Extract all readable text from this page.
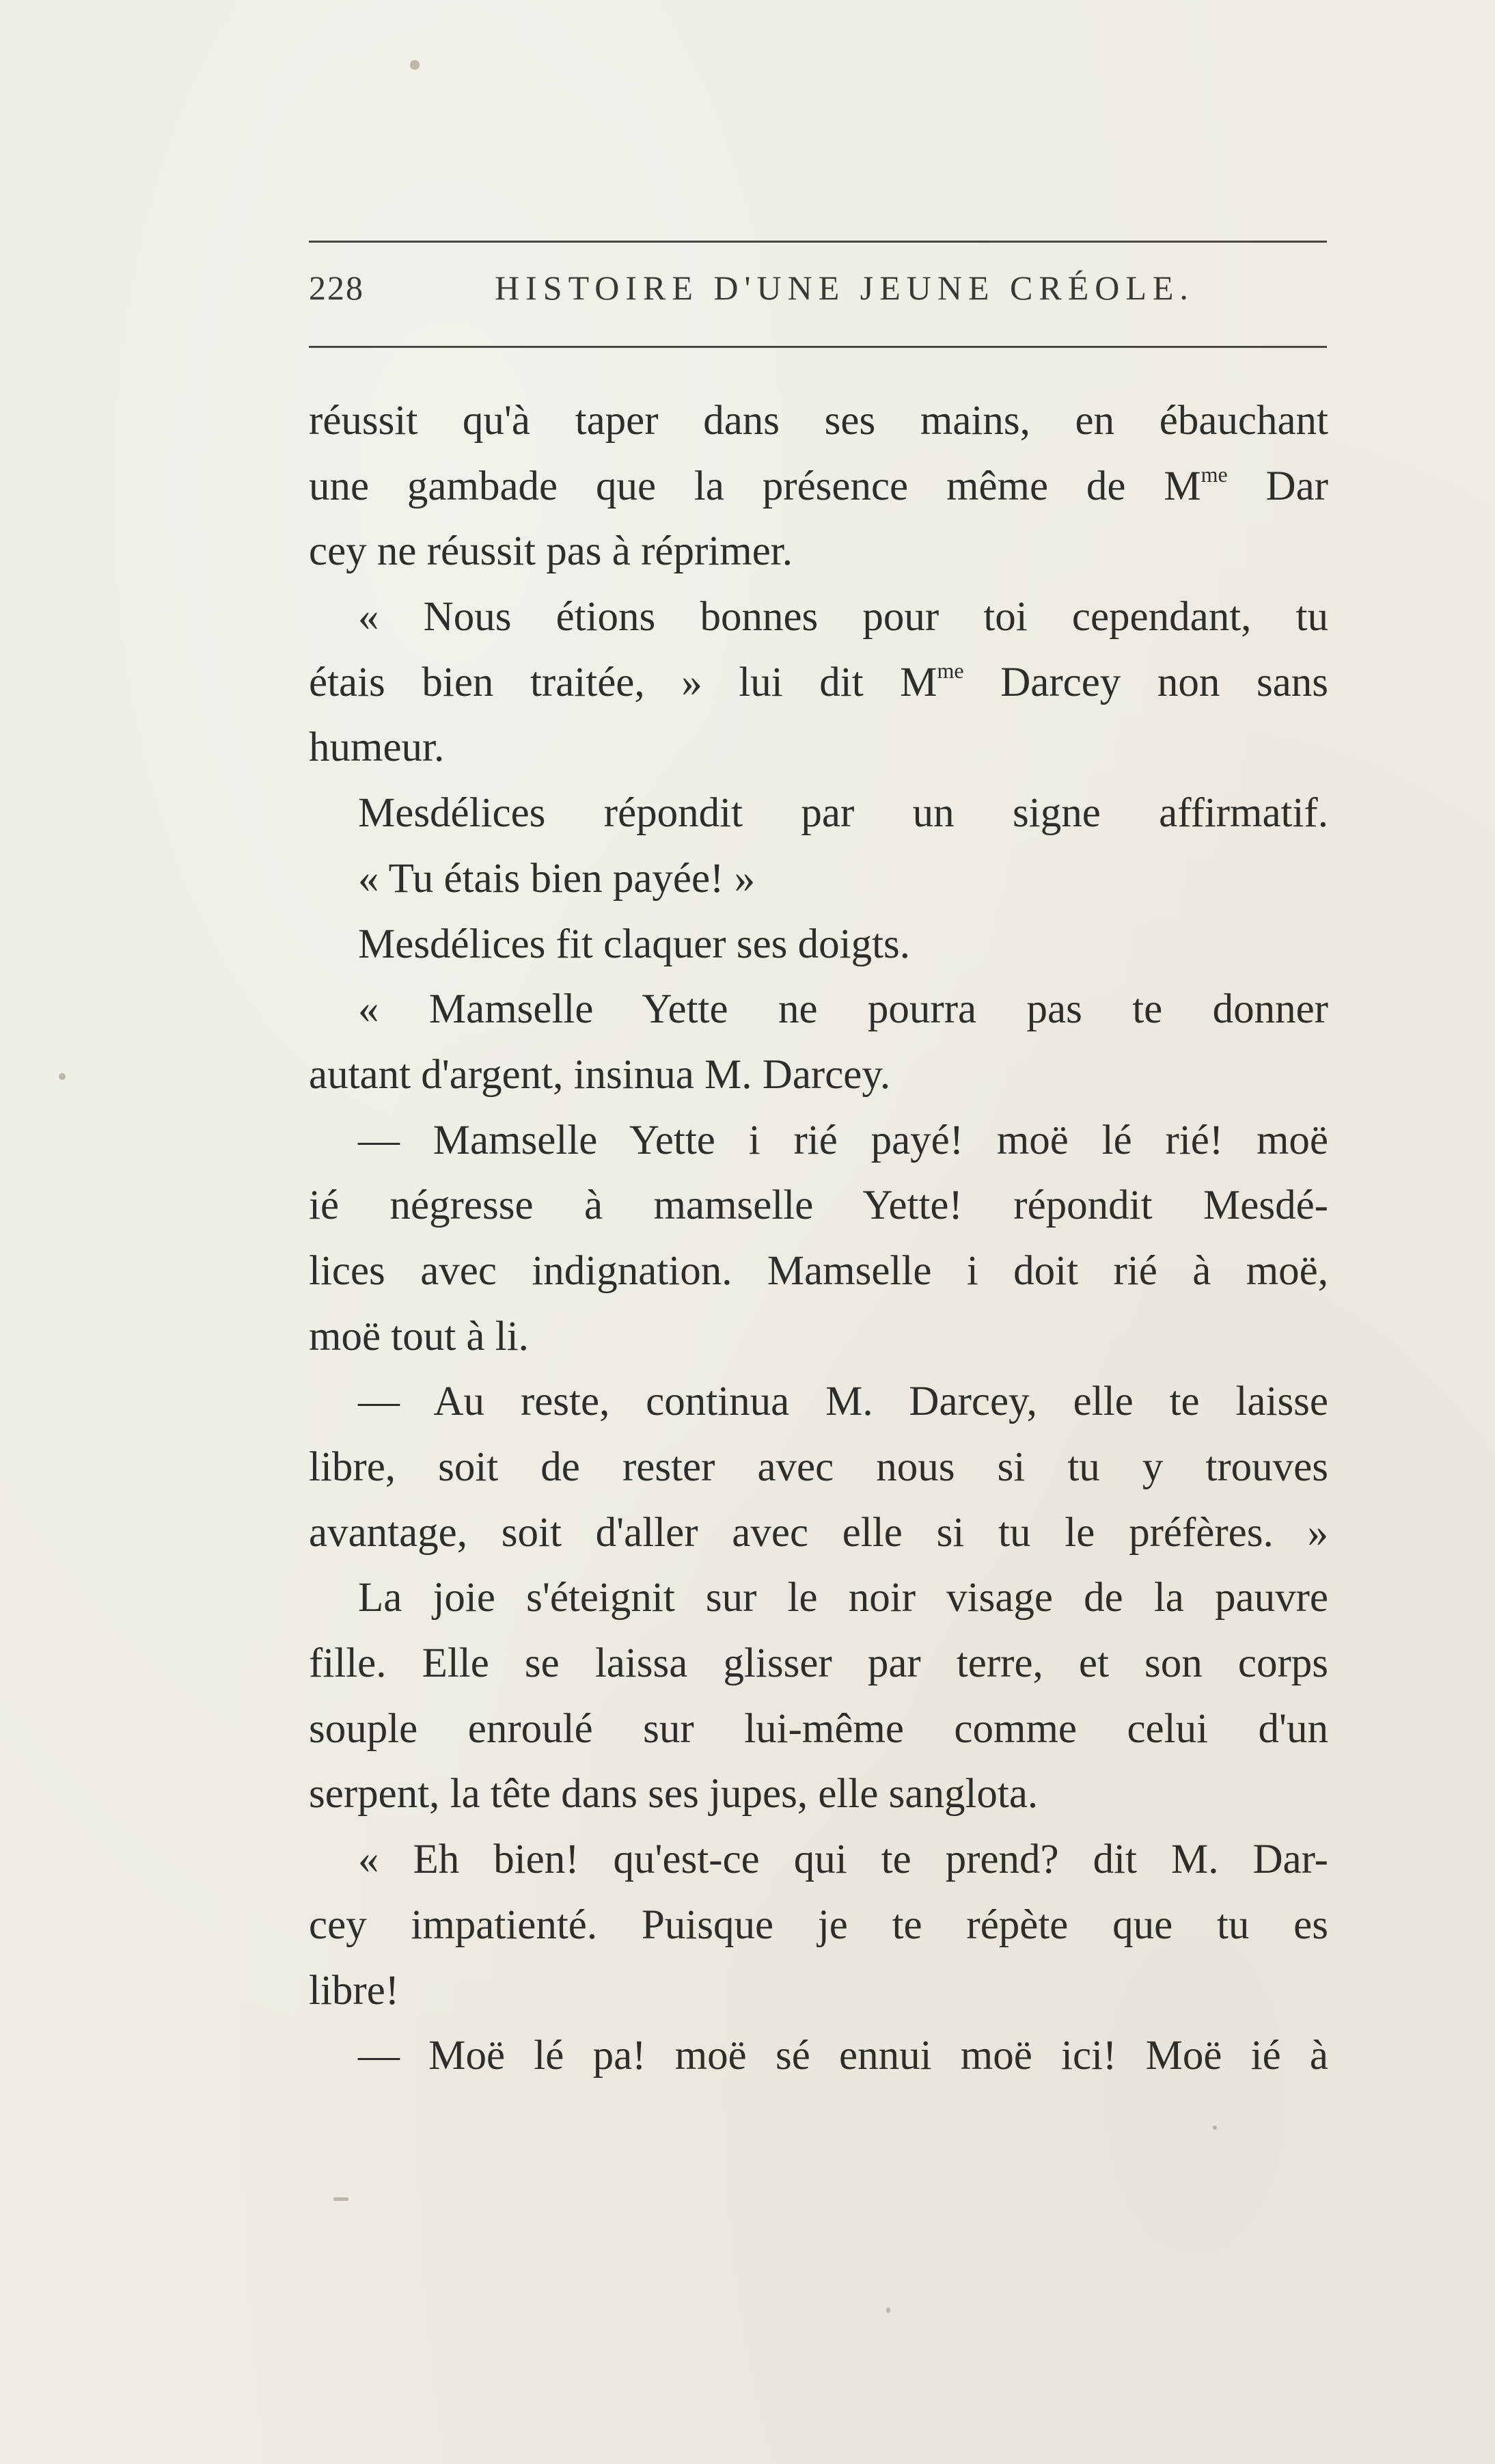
228	HISTOIRE D'UNE JEUNE CRÉOLE.
réussit qu'à taper dans ses mains, en ébauchant
une gambade que la présence même de $M^{me}$ Dar
cey ne réussit pas à réprimer.
« Nous étions bonnes pour toi cependant, tu
étais bien traitée, » lui dit $M^{me}$ Darcey non sans
humeur.
Mesdélices répondit par un signe affirmatif.
« Tu étais bien payée! »
Mesdélices fit claquer ses doigts.
« Mamselle Yette ne pourra pas te donner
autant d'argent, insinua M. Darcey.
— Mamselle Yette i rié payé! moë lé rié! moë
ié négresse à mamselle Yette! répondit Mesdé-
lices avec indignation. Mamselle i doit rié à moë,
moë tout à li.
— Au reste, continua M. Darcey, elle te laisse
libre, soit de rester avec nous si tu y trouves
avantage, soit d'aller avec elle si tu le préfères. »
La joie s'éteignit sur le noir visage de la pauvre
fille. Elle se laissa glisser par terre, et son corps
souple enroulé sur lui-même comme celui d'un
serpent, la tête dans ses jupes, elle sanglota.
« Eh bien! qu'est-ce qui te prend? dit M. Dar-
cey impatienté. Puisque je te répète que tu es
libre!
— Moë lé pa! moë sé ennui moë ici! Moë ié à
